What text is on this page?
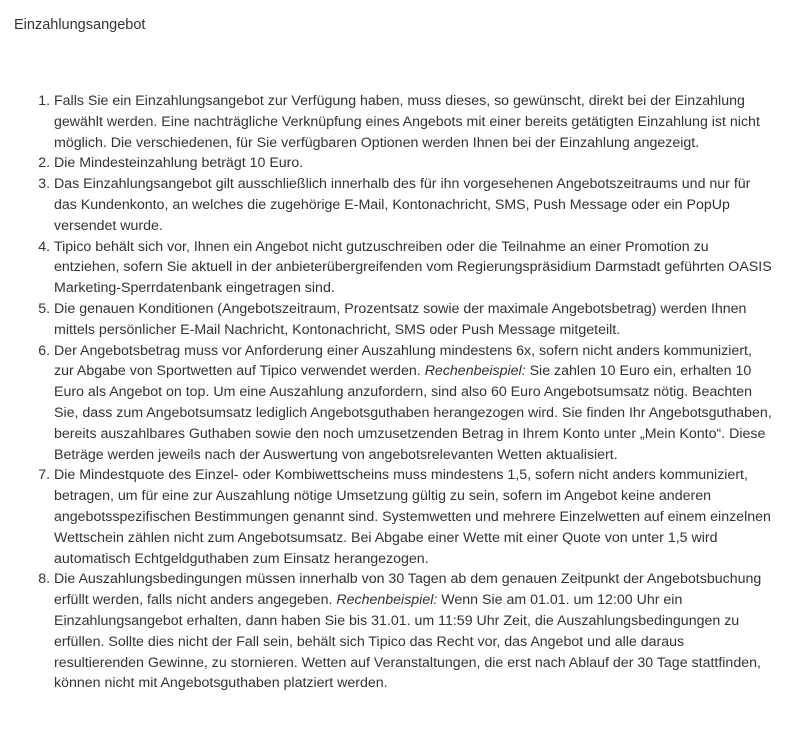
Einzahlungsangebot
1. Falls Sie ein Einzahlungsangebot zur Verfügung haben, muss dieses, so gewünscht, direkt bei der Einzahlung gewählt werden. Eine nachträgliche Verknüpfung eines Angebots mit einer bereits getätigten Einzahlung ist nicht möglich. Die verschiedenen, für Sie verfügbaren Optionen werden Ihnen bei der Einzahlung angezeigt.
2. Die Mindesteinzahlung beträgt 10 Euro.
3. Das Einzahlungsangebot gilt ausschließlich innerhalb des für ihn vorgesehenen Angebotszeitraums und nur für das Kundenkonto, an welches die zugehörige E-Mail, Kontonachricht, SMS, Push Message oder ein PopUp versendet wurde.
4. Tipico behält sich vor, Ihnen ein Angebot nicht gutzuschreiben oder die Teilnahme an einer Promotion zu entziehen, sofern Sie aktuell in der anbieterübergreifenden vom Regierungspräsidium Darmstadt geführten OASIS Marketing-Sperrdatenbank eingetragen sind.
5. Die genauen Konditionen (Angebotszeitraum, Prozentsatz sowie der maximale Angebotsbetrag) werden Ihnen mittels persönlicher E-Mail Nachricht, Kontonachricht, SMS oder Push Message mitgeteilt.
6. Der Angebotsbetrag muss vor Anforderung einer Auszahlung mindestens 6x, sofern nicht anders kommuniziert, zur Abgabe von Sportwetten auf Tipico verwendet werden. Rechenbeispiel: Sie zahlen 10 Euro ein, erhalten 10 Euro als Angebot on top. Um eine Auszahlung anzufordern, sind also 60 Euro Angebotsumsatz nötig. Beachten Sie, dass zum Angebotsumsatz lediglich Angebotsguthaben herangezogen wird. Sie finden Ihr Angebotsguthaben, bereits auszahlbares Guthaben sowie den noch umzusetzenden Betrag in Ihrem Konto unter „Mein Konto“. Diese Beträge werden jeweils nach der Auswertung von angebotsrelevanten Wetten aktualisiert.
7. Die Mindestquote des Einzel- oder Kombiwettscheins muss mindestens 1,5, sofern nicht anders kommuniziert, betragen, um für eine zur Auszahlung nötige Umsetzung gültig zu sein, sofern im Angebot keine anderen angebotsspezifischen Bestimmungen genannt sind. Systemwetten und mehrere Einzelwetten auf einem einzelnen Wettschein zählen nicht zum Angebotsumsatz. Bei Abgabe einer Wette mit einer Quote von unter 1,5 wird automatisch Echtgeldguthaben zum Einsatz herangezogen.
8. Die Auszahlungsbedingungen müssen innerhalb von 30 Tagen ab dem genauen Zeitpunkt der Angebotsbuchung erfüllt werden, falls nicht anders angegeben. Rechenbeispiel: Wenn Sie am 01.01. um 12:00 Uhr ein Einzahlungsangebot erhalten, dann haben Sie bis 31.01. um 11:59 Uhr Zeit, die Auszahlungsbedingungen zu erfüllen. Sollte dies nicht der Fall sein, behält sich Tipico das Recht vor, das Angebot und alle daraus resultierenden Gewinne, zu stornieren. Wetten auf Veranstaltungen, die erst nach Ablauf der 30 Tage stattfinden, können nicht mit Angebotsguthaben platziert werden.
